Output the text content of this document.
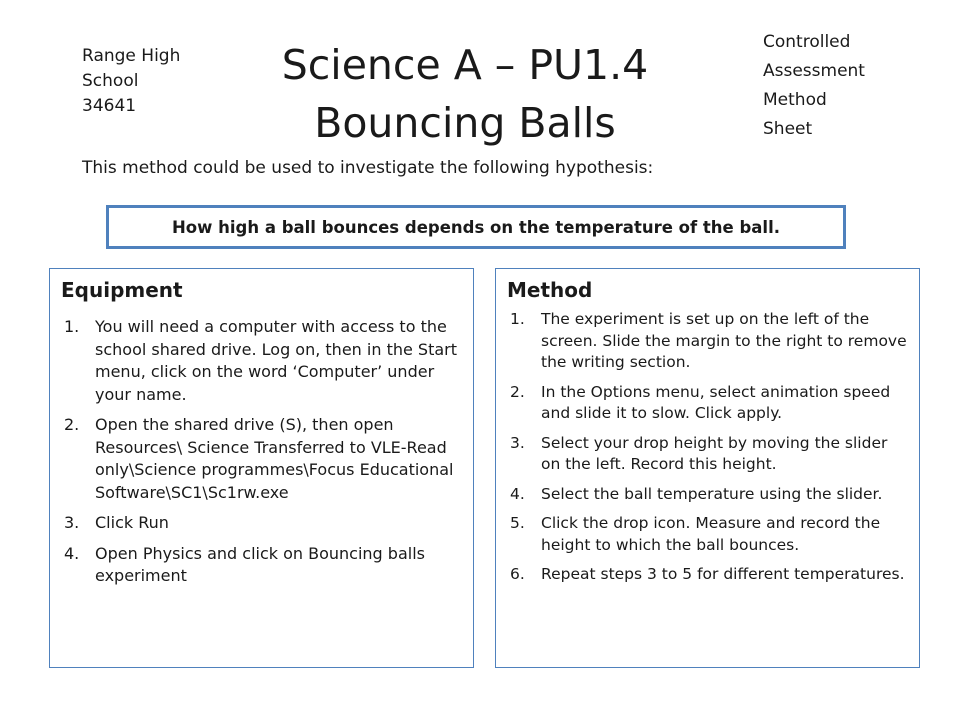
Range High
School
34641
Science A – PU1.4
Bouncing Balls
Controlled
Assessment
Method
Sheet
This method could be used to investigate the following hypothesis:
How high a ball bounces depends on the temperature of the ball.
Equipment
1. You will need a computer with access to the school shared drive. Log on, then in the Start menu, click on the word ‘Computer’ under your name.
2. Open the shared drive (S), then open Resources\ Science Transferred to VLE-Read only\Science programmes\Focus Educational Software\SC1\Sc1rw.exe
3. Click Run
4. Open Physics and click on Bouncing balls experiment
Method
1.	The experiment is set up on the left of the screen. Slide the margin to the right to remove the writing section.
2.	In the Options menu, select animation speed and slide it to slow. Click apply.
3.	Select your drop height by moving the slider on the left. Record this height.
4.	Select the ball temperature using the slider.
5.	Click the drop icon. Measure and record the height to which the ball bounces.
6.	Repeat steps 3 to 5 for different temperatures.
